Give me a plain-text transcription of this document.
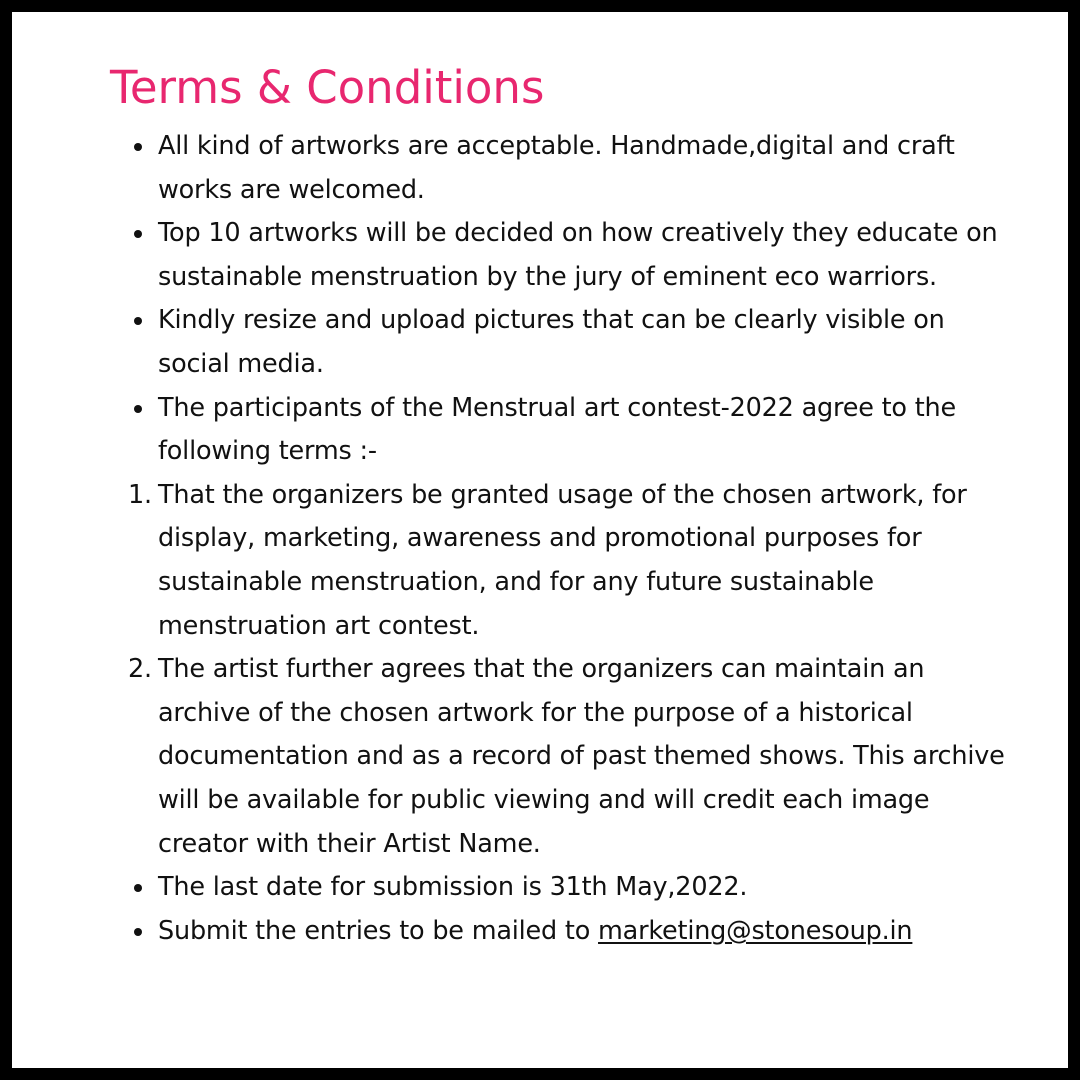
Terms & Conditions
All kind of artworks are acceptable. Handmade,digital and craft works are welcomed.
Top 10 artworks will be decided on how creatively they educate on sustainable menstruation by the jury of eminent eco warriors.
Kindly resize and upload pictures that can be clearly visible on social media.
The participants of the Menstrual art contest-2022 agree to the following terms :-
1. That the organizers be granted usage of the chosen artwork, for display, marketing, awareness and promotional purposes for sustainable menstruation, and for any future sustainable menstruation art contest.
2. The artist further agrees that the organizers can maintain an archive of the chosen artwork for the purpose of a historical documentation and as a record of past themed shows. This archive will be available for public viewing and will credit each image creator with their Artist Name.
The last date for submission is 31th May,2022.
Submit the entries to be mailed to marketing@stonesoup.in
